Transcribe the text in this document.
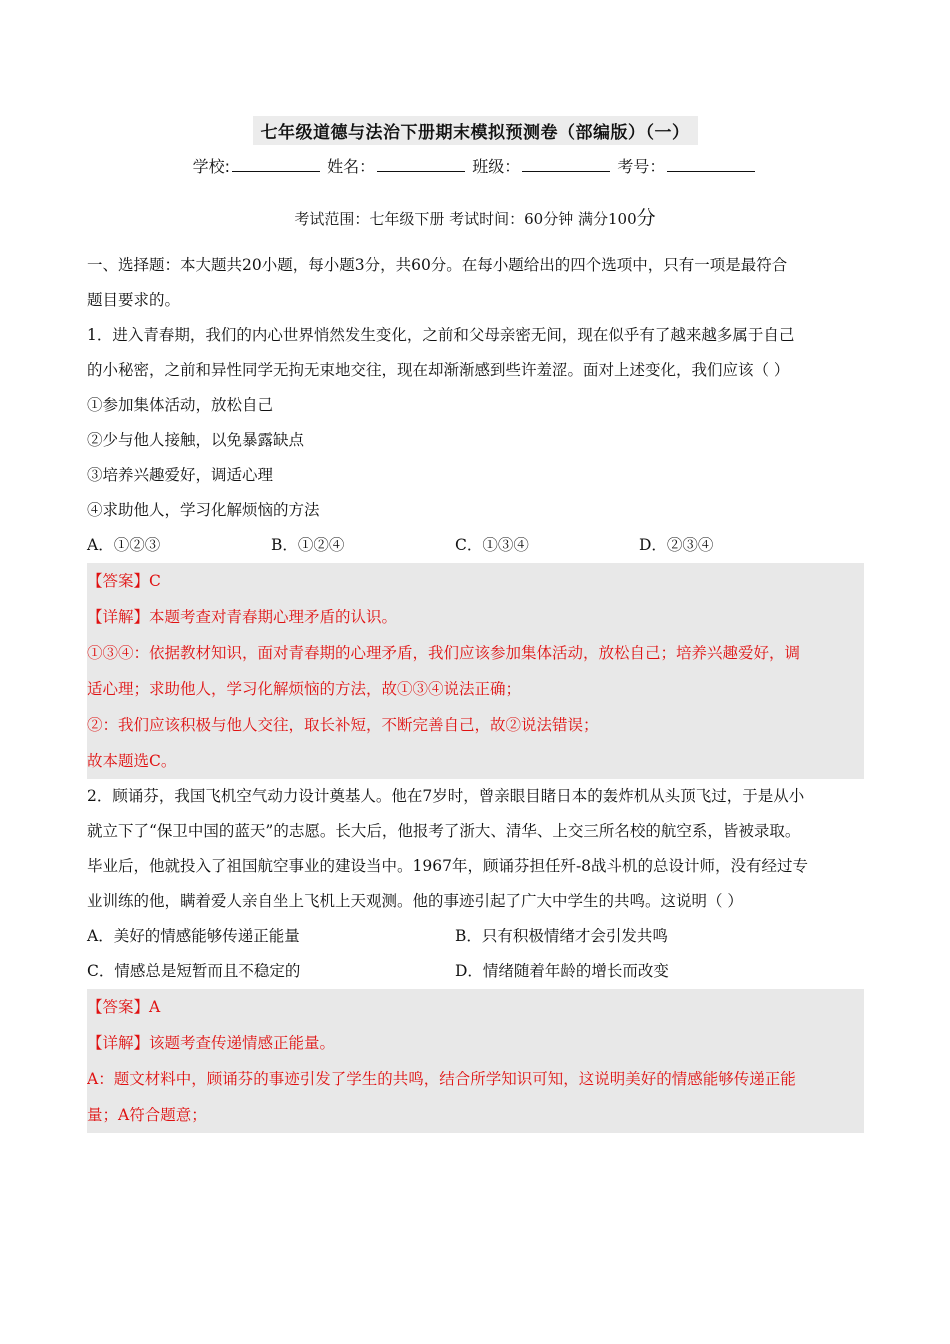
七年级道德与法治下册期末模拟预测卷（部编版）（一）
学校:	姓名：	班级：	考号：
考试范围：七年级下册 考试时间：60分钟 满分100分
一、选择题：本大题共20小题，每小题3分，共60分。在每小题给出的四个选项中，只有一项是最符合
题目要求的。
1．进入青春期，我们的内心世界悄然发生变化，之前和父母亲密无间，现在似乎有了越来越多属于自己
的小秘密，之前和异性同学无拘无束地交往，现在却渐渐感到些许羞涩。面对上述变化，我们应该（ ）
①参加集体活动，放松自己
②少与他人接触，以免暴露缺点
③培养兴趣爱好，调适心理
④求助他人，学习化解烦恼的方法
A．①②③	B．①②④	C．①③④	D．②③④
【答案】C
【详解】本题考查对青春期心理矛盾的认识。
①③④：依据教材知识，面对青春期的心理矛盾，我们应该参加集体活动，放松自己；培养兴趣爱好，调
适心理；求助他人，学习化解烦恼的方法，故①③④说法正确；
②：我们应该积极与他人交往，取长补短，不断完善自己，故②说法错误；
故本题选C。
2．顾诵芬，我国飞机空气动力设计奠基人。他在7岁时，曾亲眼目睹日本的轰炸机从头顶飞过，于是从小
就立下了“保卫中国的蓝天”的志愿。长大后，他报考了浙大、清华、上交三所名校的航空系，皆被录取。
毕业后，他就投入了祖国航空事业的建设当中。1967年，顾诵芬担任歼-8战斗机的总设计师，没有经过专
业训练的他，瞒着爱人亲自坐上飞机上天观测。他的事迹引起了广大中学生的共鸣。这说明（ ）
A．美好的情感能够传递正能量	B．只有积极情绪才会引发共鸣
C．情感总是短暂而且不稳定的	D．情绪随着年龄的增长而改变
【答案】A
【详解】该题考查传递情感正能量。
A：题文材料中，顾诵芬的事迹引发了学生的共鸣，结合所学知识可知，这说明美好的情感能够传递正能
量；A符合题意；
